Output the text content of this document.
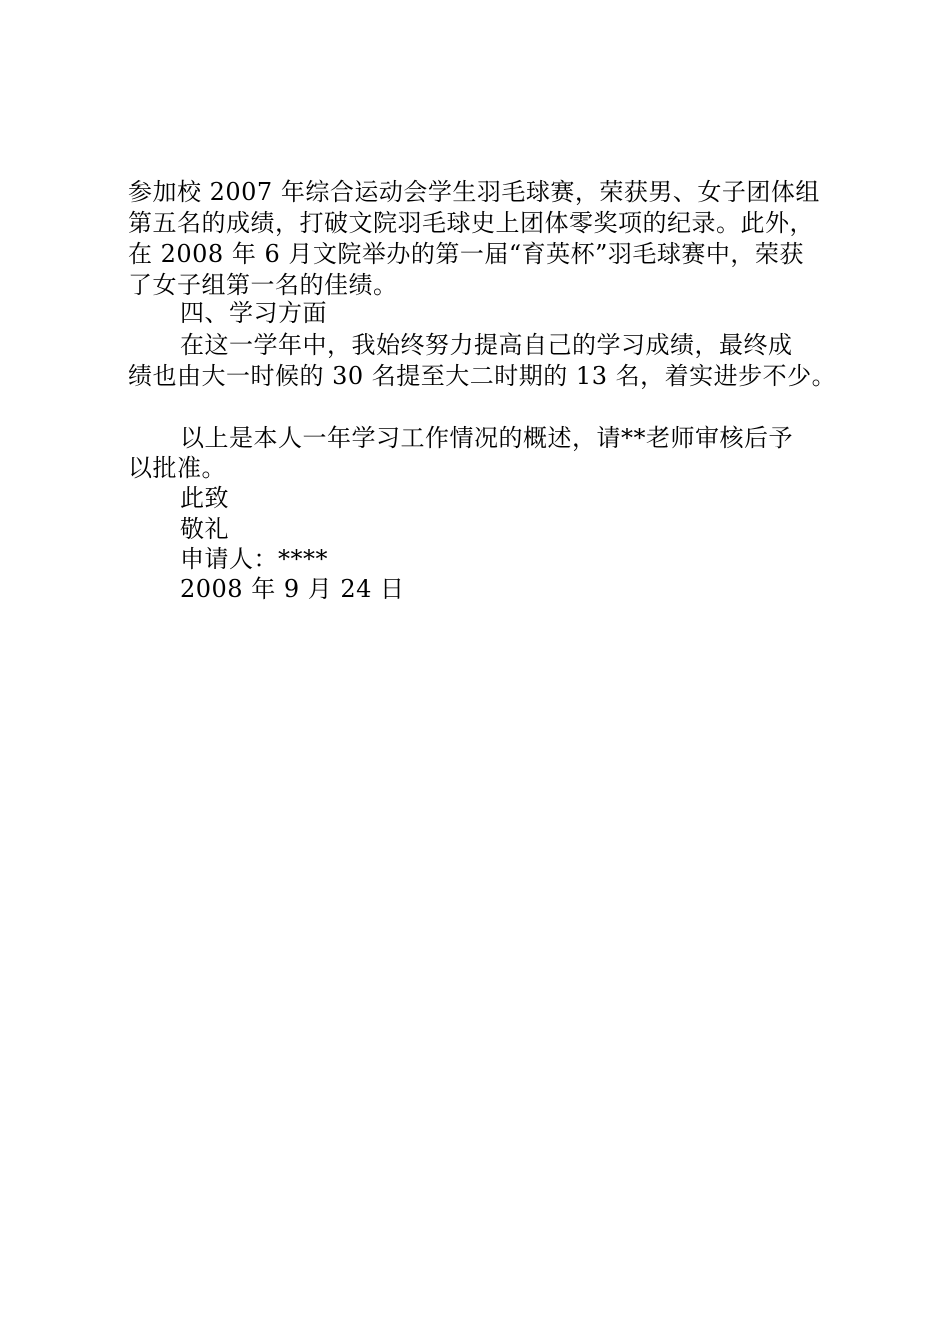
参加校 2007 年综合运动会学生羽毛球赛，荣获男、女子团体组
第五名的成绩，打破文院羽毛球史上团体零奖项的纪录。此外，
在 2008 年 6 月文院举办的第一届“育英杯”羽毛球赛中，荣获
了女子组第一名的佳绩。
四、学习方面
在这一学年中，我始终努力提高自己的学习成绩，最终成
绩也由大一时候的 30 名提至大二时期的 13 名，着实进步不少。
以上是本人一年学习工作情况的概述，请**老师审核后予
以批准。
此致
敬礼
申请人：****
2008 年 9 月 24 日
